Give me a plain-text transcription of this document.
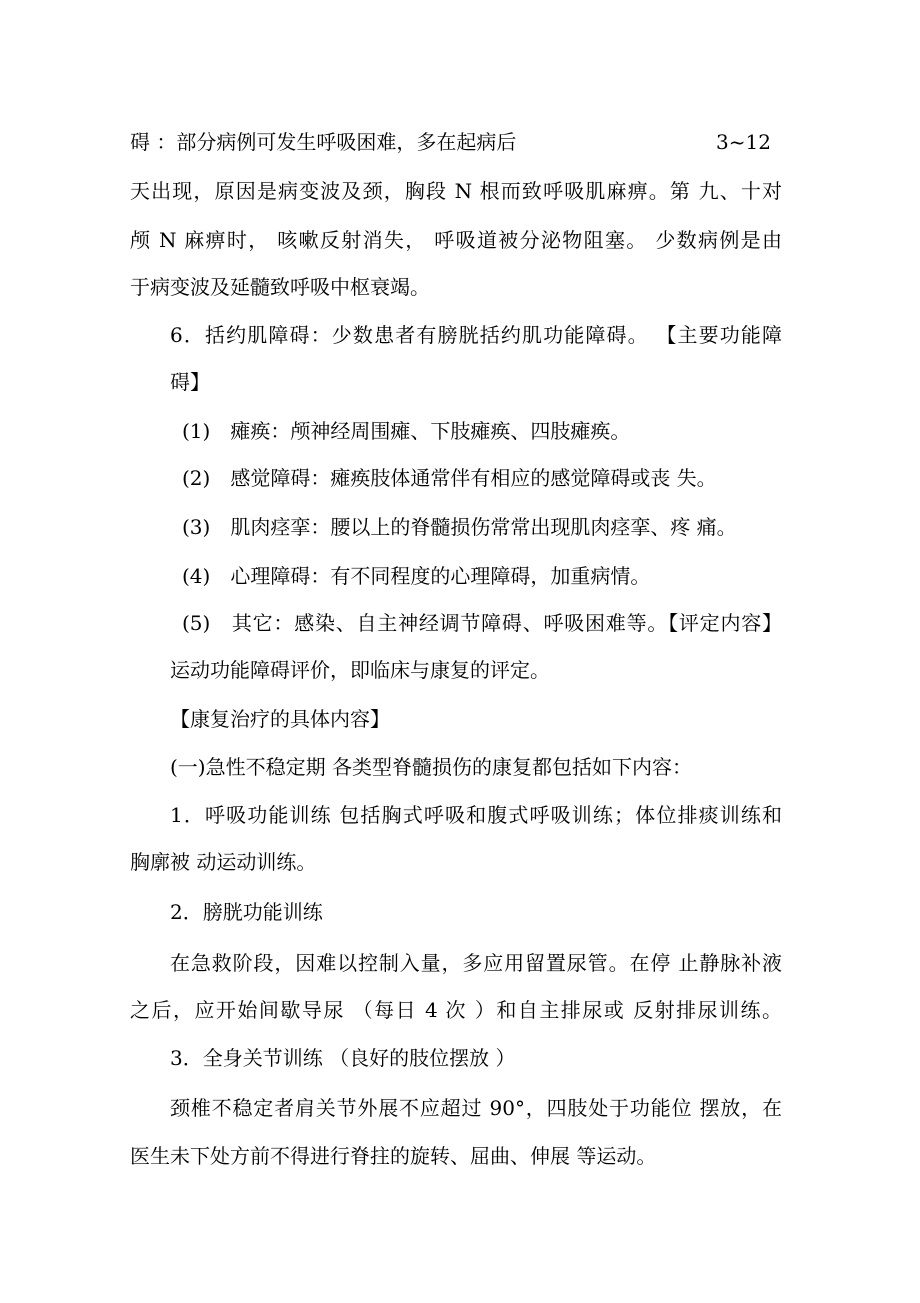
碍 ：部分病例可发生呼吸困难，多在起病后	3~12

天出现，原因是病变波及颈，胸段 N 根而致呼吸肌麻痹。第 九、十对

颅 N 麻痹时， 咳嗽反射消失， 呼吸道被分泌物阻塞。 少数病例是由

于病变波及延髓致呼吸中枢衰竭。

6．括约肌障碍：少数患者有膀胱括约肌功能障碍。 【主要功能障

碍】

(1)　瘫痪：颅神经周围瘫、下肢瘫痪、四肢瘫痪。

(2)　感觉障碍：瘫痪肢体通常伴有相应的感觉障碍或丧 失。

(3)　肌肉痉挛：腰以上的脊髓损伤常常出现肌肉痉挛、疼 痛。

(4)　心理障碍：有不同程度的心理障碍，加重病情。

(5)　其它：感染、自主神经调节障碍、呼吸困难等。【评定内容】

运动功能障碍评价，即临床与康复的评定。

【康复治疗的具体内容】

(一)急性不稳定期 各类型脊髓损伤的康复都包括如下内容：

1．呼吸功能训练 包括胸式呼吸和腹式呼吸训练；体位排痰训练和

胸廓被 动运动训练。

2．膀胱功能训练

在急救阶段，因难以控制入量，多应用留置尿管。在停 止静脉补液

之后，应开始间歇导尿 （每日 4 次 ）和自主排尿或 反射排尿训练。

3．全身关节训练 （良好的肢位摆放 ）

颈椎不稳定者肩关节外展不应超过 90°，四肢处于功能位 摆放，在

医生未下处方前不得进行脊拄的旋转、屈曲、伸展 等运动。
